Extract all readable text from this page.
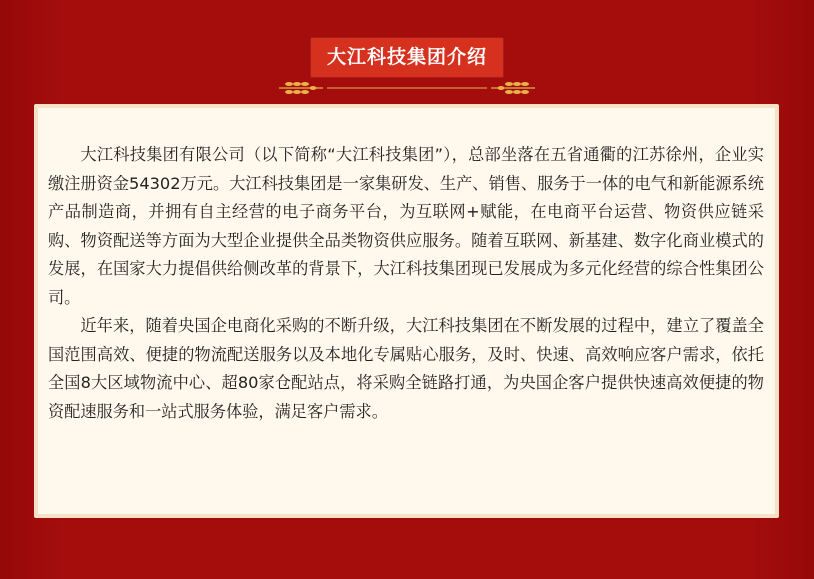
大江科技集团介绍

大江科技集团有限公司（以下简称“大江科技集团”），总部坐落在五省通衢的江苏徐州，企业实缴注册资金54302万元。大江科技集团是一家集研发、生产、销售、服务于一体的电气和新能源系统产品制造商，并拥有自主经营的电子商务平台，为互联网+赋能，在电商平台运营、物资供应链采购、物资配送等方面为大型企业提供全品类物资供应服务。随着互联网、新基建、数字化商业模式的发展，在国家大力提倡供给侧改革的背景下，大江科技集团现已发展成为多元化经营的综合性集团公司。

近年来，随着央国企电商化采购的不断升级，大江科技集团在不断发展的过程中，建立了覆盖全国范围高效、便捷的物流配送服务以及本地化专属贴心服务，及时、快速、高效响应客户需求，依托全国8大区域物流中心、超80家仓配站点，将采购全链路打通，为央国企客户提供快速高效便捷的物资配速服务和一站式服务体验，满足客户需求。
